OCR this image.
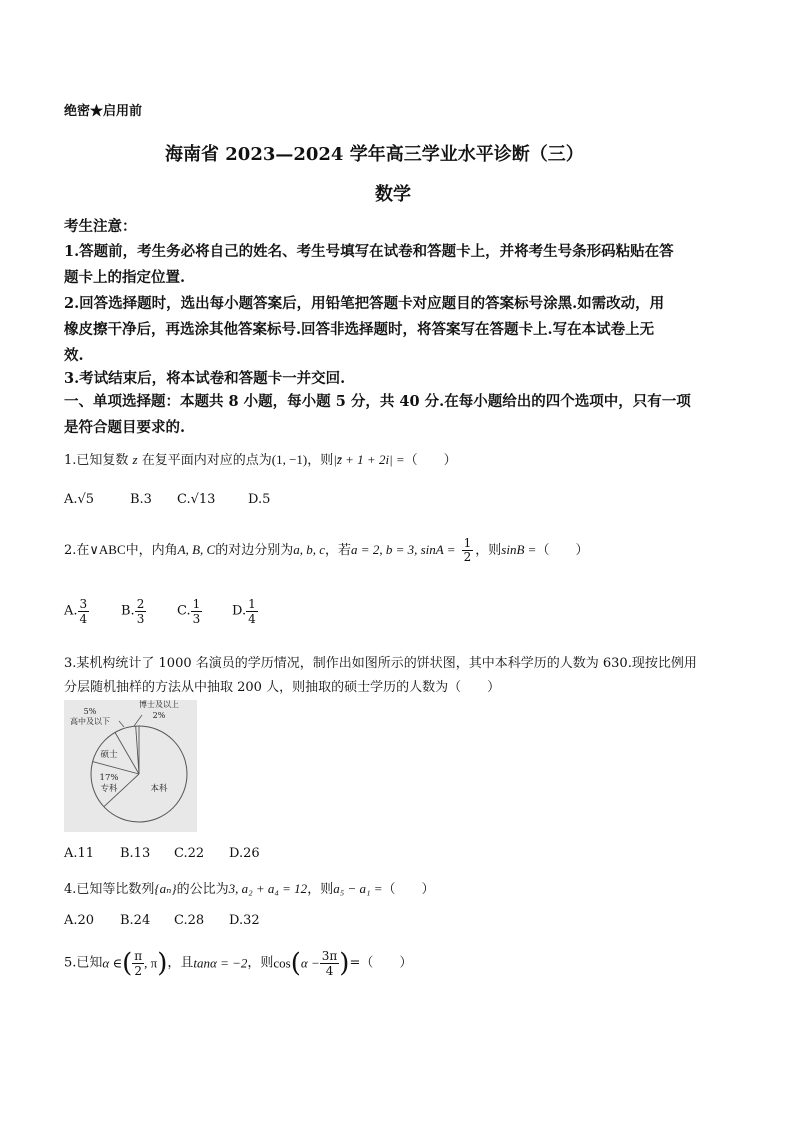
绝密★启用前
海南省 2023—2024 学年高三学业水平诊断（三）
数学
考生注意：
1.答题前，考生务必将自己的姓名、考生号填写在试卷和答题卡上，并将考生号条形码粘贴在答
题卡上的指定位置.
2.回答选择题时，选出每小题答案后，用铅笔把答题卡对应题目的答案标号涂黑.如需改动，用
橡皮擦干净后，再选涂其他答案标号.回答非选择题时，将答案写在答题卡上.写在本试卷上无
效.
3.考试结束后，将本试卷和答题卡一并交回.
一、单项选择题：本题共 8 小题，每小题 5 分，共 40 分.在每小题给出的四个选项中，只有一项
是符合题目要求的.
1.已知复数 z 在复平面内对应的点为(1, −1)，则|z̄ + 1 + 2i| =（　　）
A.√5	B.3 C.√13	D.5
2.在∨ABC中，内角A, B, C的对边分别为a, b, c，若a = 2, b = 3, $\sin A = \frac{1}{2}$ ，则sinB =（　　）
A. $\frac{3}{4} B$. $\frac{2}{3} C$. $\frac{1}{3} D$. $\frac{1}{4}$
3.某机构统计了 1000 名演员的学历情况，制作出如图所示的饼状图，其中本科学历的人数为 630.现按比例用
分层随机抽样的方法从中抽取 200 人，则抽取的硕士学历的人数为（　　）
5%
高中及以下
博士及以上
2%
硕士
17%
专科	本科
A.11 B.13 C.22 D.26
4.已知等比数列{aₙ}的公比为3, a₂ + a₄ = 12，则a₅ − a₁ =（　　）
A.20 B.24 C.28 D.32
5.已知α ∈( $\frac{\pi}{2}$ , π)，且tanα = −2，则$\cos(\alpha - \frac{3\pi}{4}$ )=（　　）
